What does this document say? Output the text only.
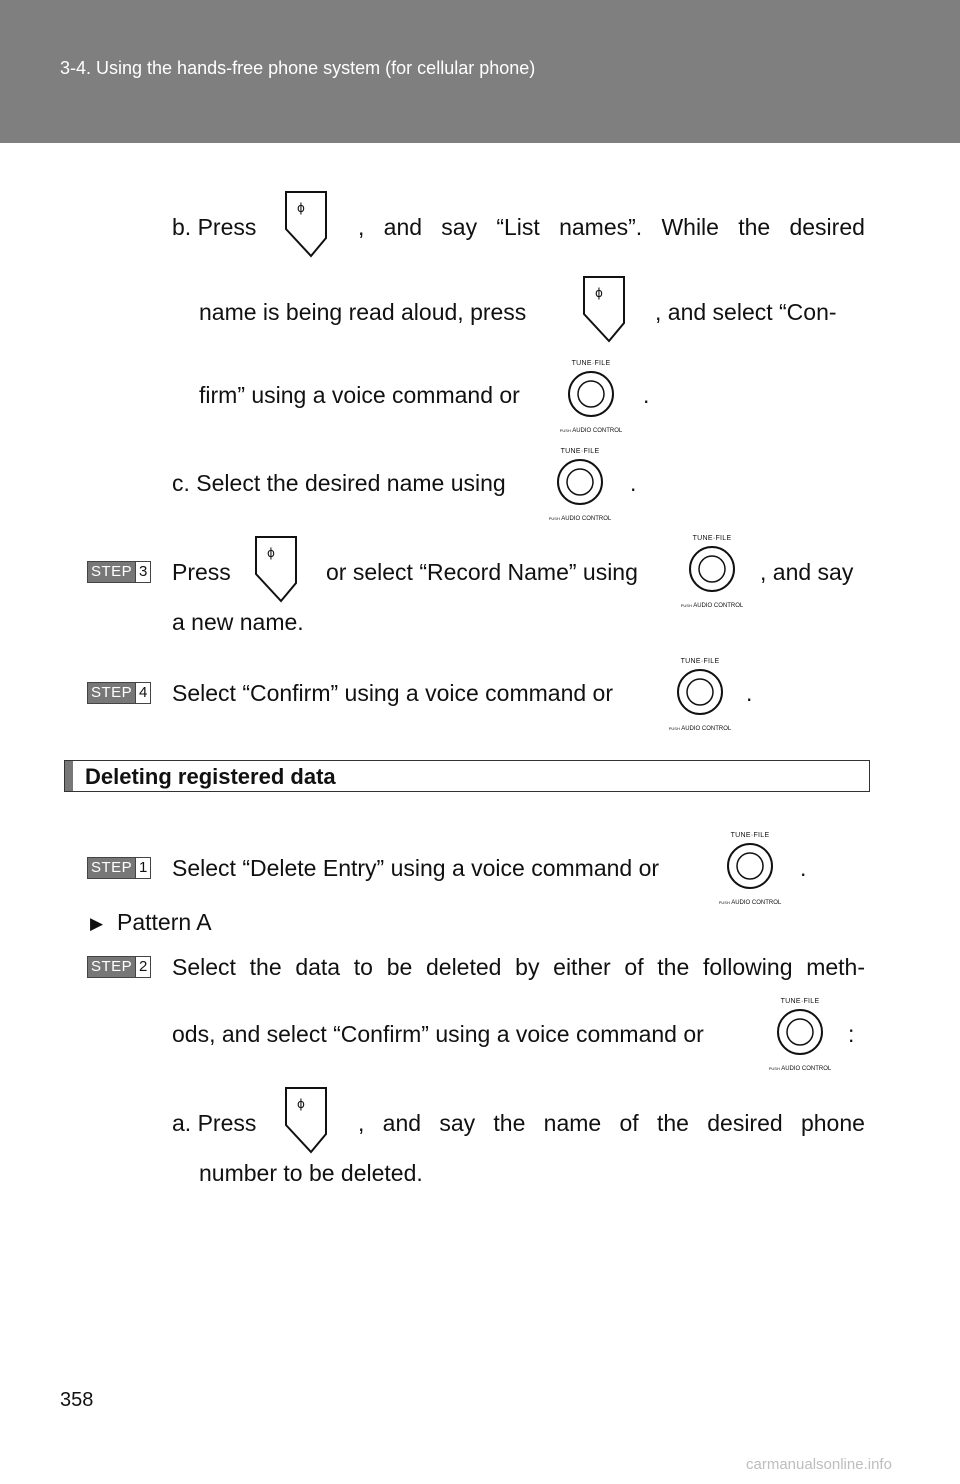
3-4. Using the hands-free phone system (for cellular phone)
b. Press
ɸ
, and say “List names”. While the desired
name is being read aloud, press
ɸ
, and select “Con-
firm” using a voice command or
TUNE·FILE
PUSH AUDIO CONTROL
.
c. Select the desired name using
TUNE·FILE
PUSH AUDIO CONTROL
.
STEP 3 Press
ɸ
or select “Record Name” using
TUNE·FILE
PUSH AUDIO CONTROL
, and say
a new name.
STEP 4 Select “Confirm” using a voice command or
TUNE·FILE
PUSH AUDIO CONTROL
.
Deleting registered data
STEP 1 Select “Delete Entry” using a voice command or
TUNE·FILE
PUSH AUDIO CONTROL
.
▶ Pattern A
STEP 2 Select the data to be deleted by either of the following meth-
ods, and select “Confirm” using a voice command or
TUNE·FILE
PUSH AUDIO CONTROL
:
a. Press
ɸ
, and say the name of the desired phone
number to be deleted.
358
carmanualsonline.info
